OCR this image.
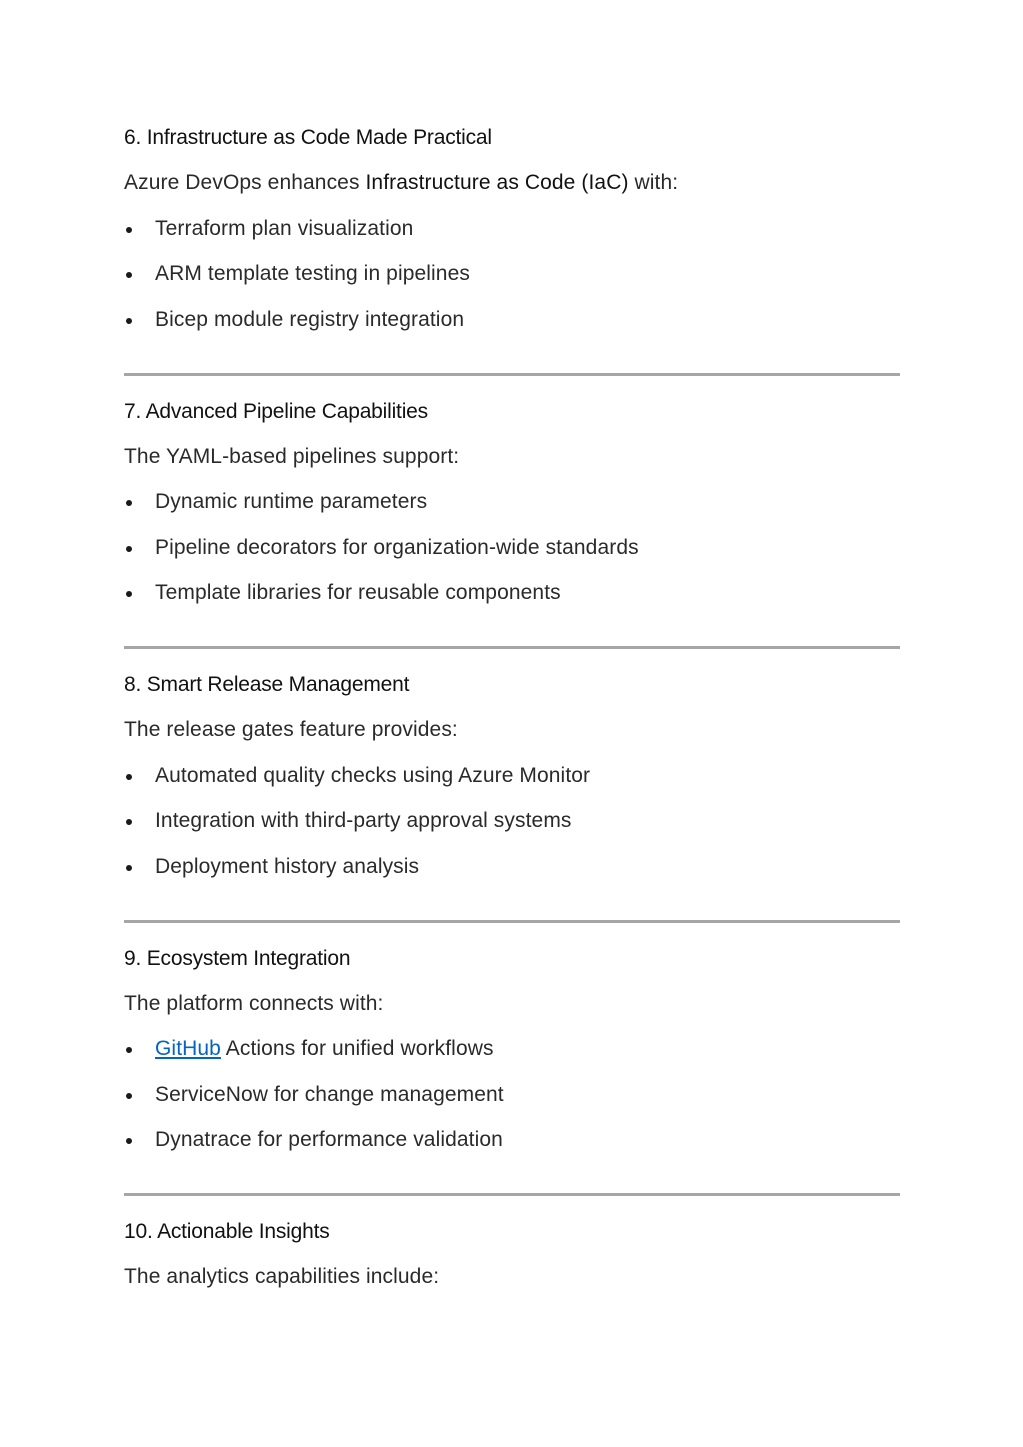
6. Infrastructure as Code Made Practical

Azure DevOps enhances Infrastructure as Code (IaC) with:

Terraform plan visualization
ARM template testing in pipelines
Bicep module registry integration
7. Advanced Pipeline Capabilities

The YAML-based pipelines support:

Dynamic runtime parameters
Pipeline decorators for organization-wide standards
Template libraries for reusable components
8. Smart Release Management

The release gates feature provides:

Automated quality checks using Azure Monitor
Integration with third-party approval systems
Deployment history analysis
9. Ecosystem Integration

The platform connects with:

GitHub Actions for unified workflows
ServiceNow for change management
Dynatrace for performance validation
10. Actionable Insights

The analytics capabilities include:
